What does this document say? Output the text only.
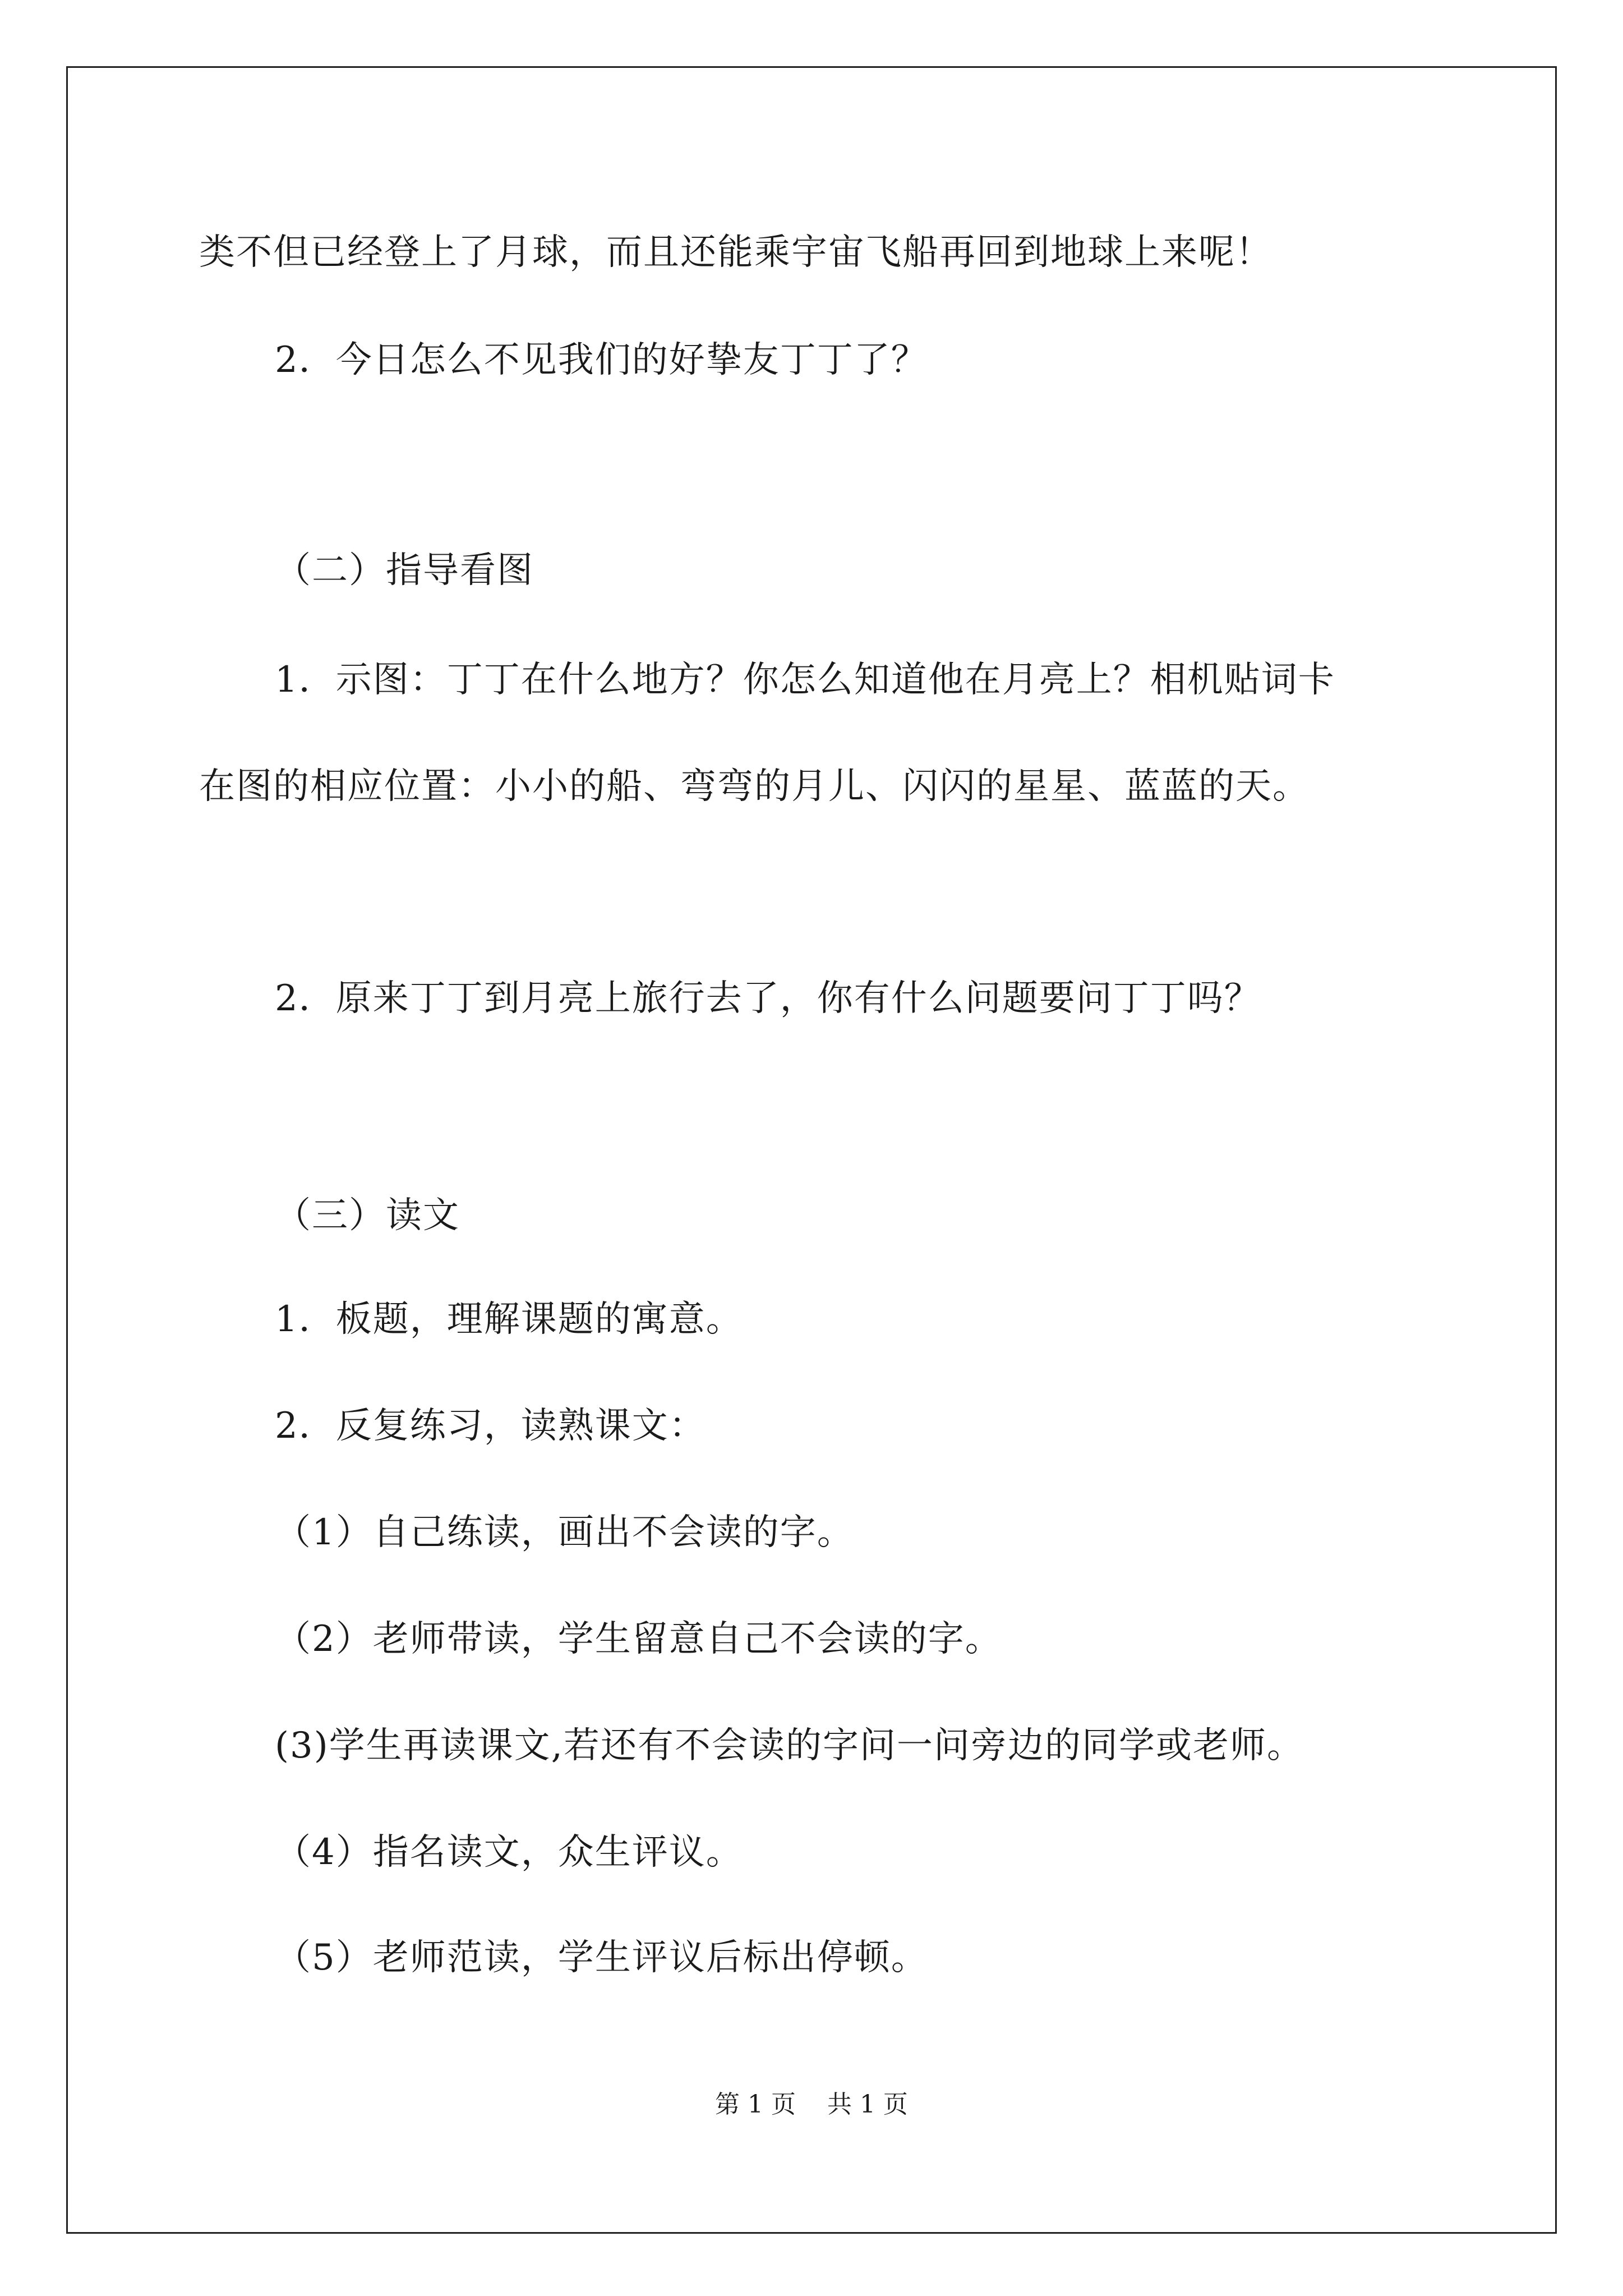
类不但已经登上了月球，而且还能乘宇宙飞船再回到地球上来呢！
2．今日怎么不见我们的好挚友丁丁了？
（二）指导看图
1．示图：丁丁在什么地方？你怎么知道他在月亮上？相机贴词卡
在图的相应位置：小小的船、弯弯的月儿、闪闪的星星、蓝蓝的天。
2．原来丁丁到月亮上旅行去了，你有什么问题要问丁丁吗？
（三）读文
1．板题，理解课题的寓意。
2．反复练习，读熟课文：
（1）自己练读，画出不会读的字。
（2）老师带读，学生留意自己不会读的字。
(3)学生再读课文,若还有不会读的字问一问旁边的同学或老师。
（4）指名读文，众生评议。
（5）老师范读，学生评议后标出停顿。
第 1 页    共 1 页
